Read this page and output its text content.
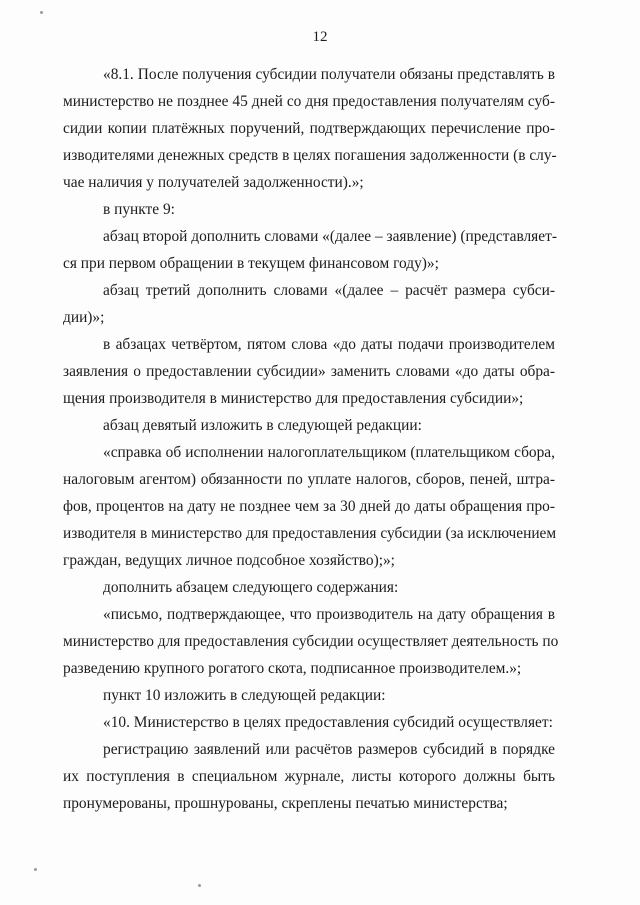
12
«8.1. После получения субсидии получатели обязаны представлять в
министерство не позднее 45 дней со дня предоставления получателям суб-
сидии копии платёжных поручений, подтверждающих перечисление про-
изводителями денежных средств в целях погашения задолженности (в слу-
чае наличия у получателей задолженности).»;
в пункте 9:
абзац второй дополнить словами «(далее – заявление) (представляет-
ся при первом обращении в текущем финансовом году)»;
абзац третий дополнить словами «(далее – расчёт размера субси-
дии)»;
в абзацах четвёртом, пятом слова «до даты подачи производителем
заявления о предоставлении субсидии» заменить словами «до даты обра-
щения производителя в министерство для предоставления субсидии»;
абзац девятый изложить в следующей редакции:
«справка об исполнении налогоплательщиком (плательщиком сбора,
налоговым агентом) обязанности по уплате налогов, сборов, пеней, штра-
фов, процентов на дату не позднее чем за 30 дней до даты обращения про-
изводителя в министерство для предоставления субсидии (за исключением
граждан, ведущих личное подсобное хозяйство);»;
дополнить абзацем следующего содержания:
«письмо, подтверждающее, что производитель на дату обращения в
министерство для предоставления субсидии осуществляет деятельность по
разведению крупного рогатого скота, подписанное производителем.»;
пункт 10 изложить в следующей редакции:
«10. Министерство в целях предоставления субсидий осуществляет:
регистрацию заявлений или расчётов размеров субсидий в порядке
их поступления в специальном журнале, листы которого должны быть
пронумерованы, прошнурованы, скреплены печатью министерства;
